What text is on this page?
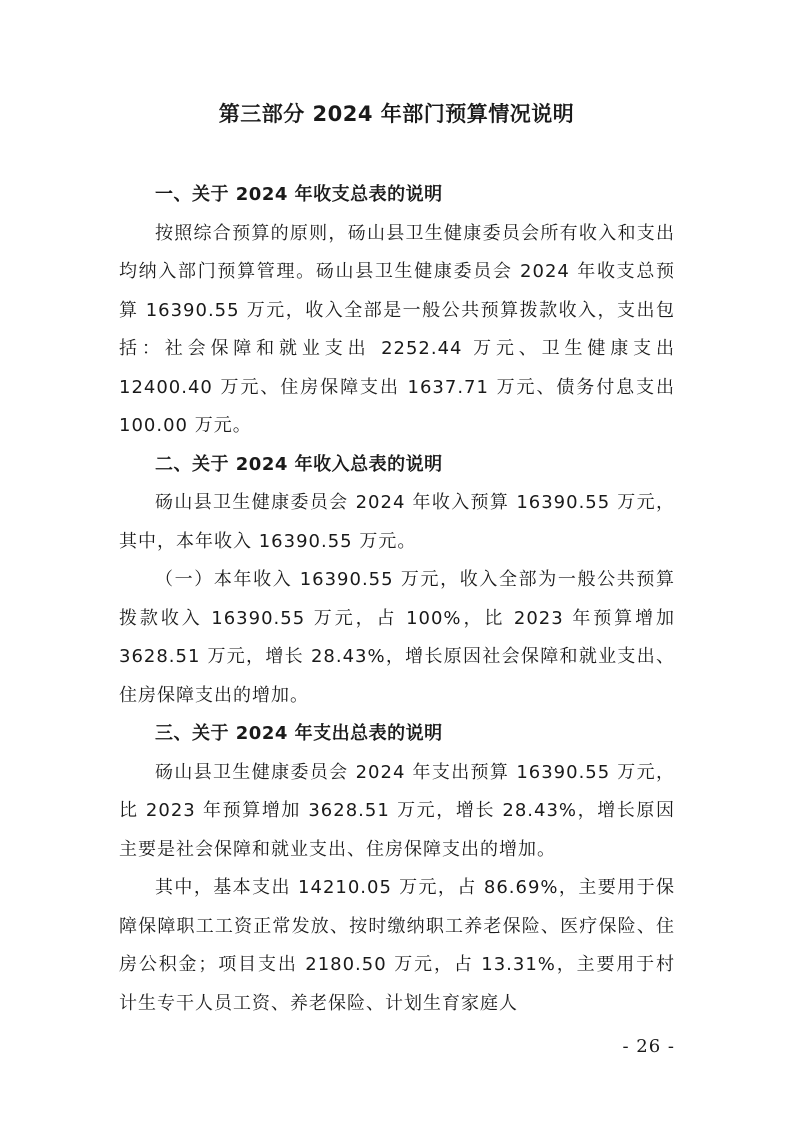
第三部分 2024 年部门预算情况说明
一、关于 2024 年收支总表的说明

按照综合预算的原则，砀山县卫生健康委员会所有收入和支出均纳入部门预算管理。砀山县卫生健康委员会 2024 年收支总预算 16390.55 万元，收入全部是一般公共预算拨款收入，支出包括：社会保障和就业支出 2252.44 万元、卫生健康支出 12400.40 万元、住房保障支出 1637.71 万元、债务付息支出 100.00 万元。

二、关于 2024 年收入总表的说明

砀山县卫生健康委员会 2024 年收入预算 16390.55 万元，其中，本年收入 16390.55 万元。

（一）本年收入 16390.55 万元，收入全部为一般公共预算拨款收入 16390.55 万元，占 100%，比 2023 年预算增加 3628.51 万元，增长 28.43%，增长原因社会保障和就业支出、住房保障支出的增加。

三、关于 2024 年支出总表的说明

砀山县卫生健康委员会 2024 年支出预算 16390.55 万元，比 2023 年预算增加 3628.51 万元，增长 28.43%，增长原因主要是社会保障和就业支出、住房保障支出的增加。

其中，基本支出 14210.05 万元，占 86.69%，主要用于保障保障职工工资正常发放、按时缴纳职工养老保险、医疗保险、住房公积金；项目支出 2180.50 万元，占 13.31%，主要用于村计生专干人员工资、养老保险、计划生育家庭人

- 26 -
